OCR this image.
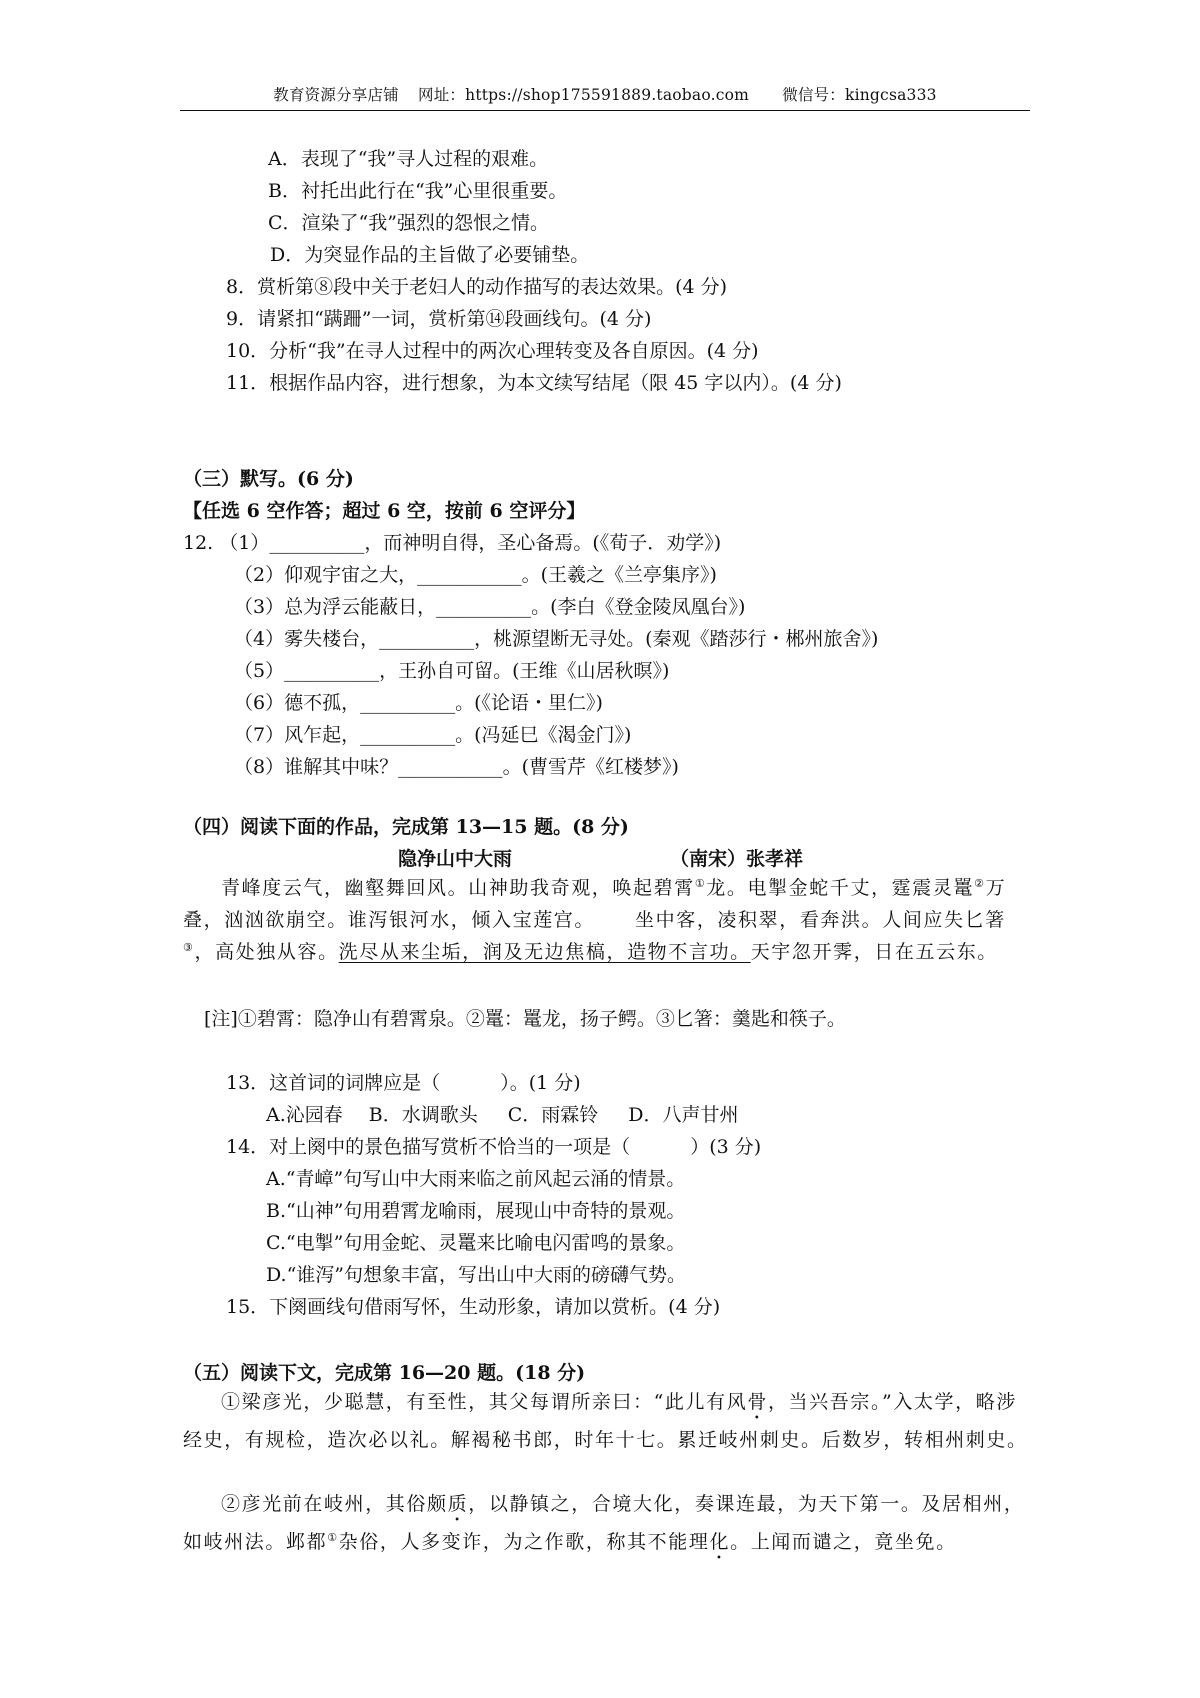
教育资源分享店铺 网址：https://shop175591889.taobao.com 微信号：kingcsa333
A．表现了“我”寻人过程的艰难。
B．衬托出此行在“我”心里很重要。
C．渲染了“我”强烈的怨恨之情。
D．为突显作品的主旨做了必要铺垫。
8．赏析第⑧段中关于老妇人的动作描写的表达效果。(4 分)
9．请紧扣“蹒跚”一词，赏析第⑭段画线句。(4 分)
10．分析“我”在寻人过程中的两次心理转变及各自原因。(4 分)
11．根据作品内容，进行想象，为本文续写结尾（限 45 字以内）。(4 分)
（三）默写。(6 分)
【任选 6 空作答；超过 6 空，按前 6 空评分】
12. （1）__________，而神明自得，圣心备焉。(《荀子．劝学》)
（2）仰观宇宙之大，___________。(王羲之《兰亭集序》)
（3）总为浮云能蔽日，__________。(李白《登金陵凤凰台》)
（4）雾失楼台，__________，桃源望断无寻处。(秦观《踏莎行・郴州旅舍》)
（5）__________，王孙自可留。(王维《山居秋暝》)
（6）德不孤，__________。(《论语・里仁》)
（7）风乍起，__________。(冯延巳《渴金门》)
（8）谁解其中味？___________。(曹雪芹《红楼梦》)
（四）阅读下面的作品，完成第 13—15 题。(8 分)
隐净山中大雨	（南宋）张孝祥
青峰度云气，幽壑舞回风。山神助我奇观，唤起碧霄①龙。电掣金蛇千丈，霆震灵鼍②万叠，汹汹欲崩空。谁泻银河水，倾入宝莲宫。 坐中客，凌积翠，看奔洪。人间应失匕箸③，高处独从容。洗尽从来尘垢，润及无边焦槁，造物不言功。天宇忽开霁，日在五云东。
[注]①碧霄：隐净山有碧霄泉。②鼍：鼍龙，扬子鳄。③匕箸：羹匙和筷子。
13．这首词的词牌应是（	）。(1 分)
A.沁园春 B．水调歌头 C．雨霖铃 D．八声甘州
14．对上阕中的景色描写赏析不恰当的一项是（	）(3 分)
A.“青嶂”句写山中大雨来临之前风起云涌的情景。
B.“山神”句用碧霄龙喻雨，展现山中奇特的景观。
C.“电掣”句用金蛇、灵鼍来比喻电闪雷鸣的景象。
D.“谁泻”句想象丰富，写出山中大雨的磅礴气势。
15．下阕画线句借雨写怀，生动形象，请加以赏析。(4 分)
（五）阅读下文，完成第 16—20 题。(18 分)
①梁彦光，少聪慧，有至性，其父每谓所亲曰：“此儿有风骨，当兴吾宗。”入太学，略涉经史，有规检，造次必以礼。解褐秘书郎，时年十七。累迁岐州刺史。后数岁，转相州刺史。
②彦光前在岐州，其俗颇质，以静镇之，合境大化，奏课连最，为天下第一。及居相州，如岐州法。邺都①杂俗，人多变诈，为之作歌，称其不能理化。上闻而谴之，竟坐免。
